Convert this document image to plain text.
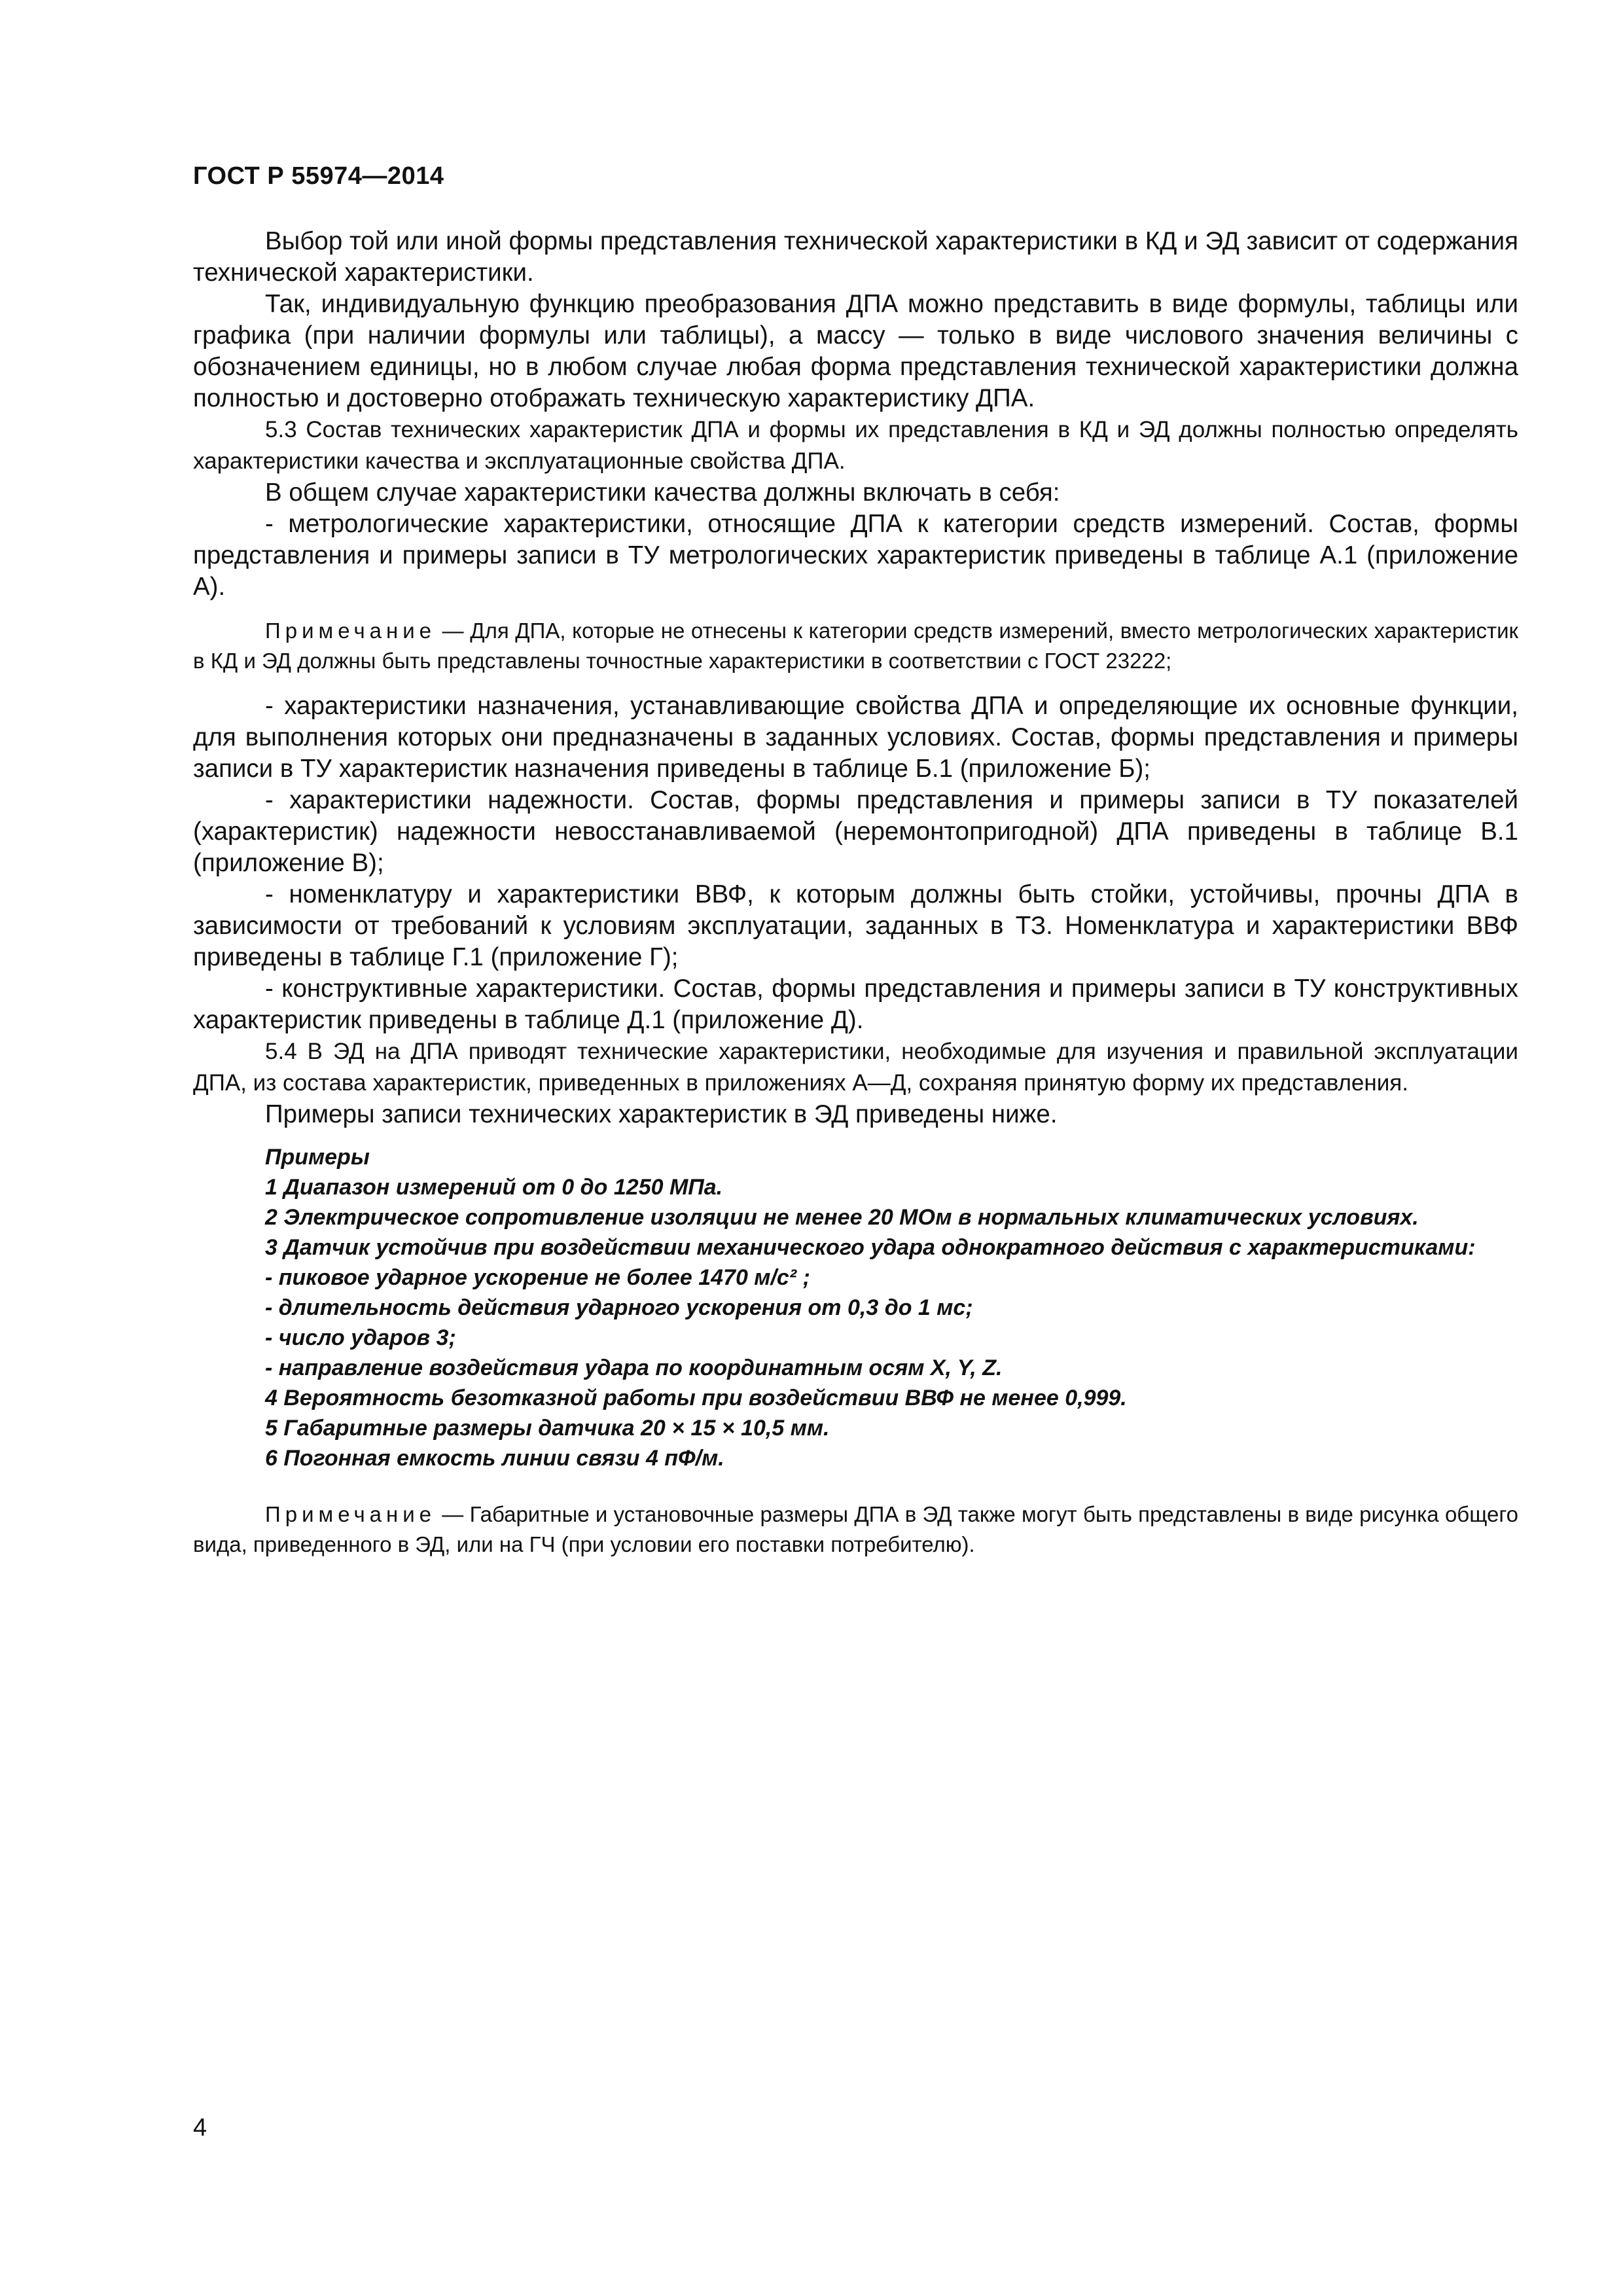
ГОСТ Р 55974—2014

Выбор той или иной формы представления технической характеристики в КД и ЭД зависит от содержания технической характеристики.

Так, индивидуальную функцию преобразования ДПА можно представить в виде формулы, таблицы или графика (при наличии формулы или таблицы), а массу — только в виде числового значения величины с обозначением единицы, но в любом случае любая форма представления технической характеристики должна полностью и достоверно отображать техническую характеристику ДПА.

5.3 Состав технических характеристик ДПА и формы их представления в КД и ЭД должны полностью определять характеристики качества и эксплуатационные свойства ДПА.

В общем случае характеристики качества должны включать в себя:

- метрологические характеристики, относящие ДПА к категории средств измерений. Состав, формы представления и примеры записи в ТУ метрологических характеристик приведены в таблице А.1 (приложение А).

Примечание — Для ДПА, которые не отнесены к категории средств измерений, вместо метрологических характеристик в КД и ЭД должны быть представлены точностные характеристики в соответствии с ГОСТ 23222;

- характеристики назначения, устанавливающие свойства ДПА и определяющие их основные функции, для выполнения которых они предназначены в заданных условиях. Состав, формы представления и примеры записи в ТУ характеристик назначения приведены в таблице Б.1 (приложение Б);

- характеристики надежности. Состав, формы представления и примеры записи в ТУ показателей (характеристик) надежности невосстанавливаемой (неремонтопригодной) ДПА приведены в таблице В.1 (приложение В);

- номенклатуру и характеристики ВВФ, к которым должны быть стойки, устойчивы, прочны ДПА в зависимости от требований к условиям эксплуатации, заданных в ТЗ. Номенклатура и характеристики ВВФ приведены в таблице Г.1 (приложение Г);

- конструктивные характеристики. Состав, формы представления и примеры записи в ТУ конструктивных характеристик приведены в таблице Д.1 (приложение Д).

5.4 В ЭД на ДПА приводят технические характеристики, необходимые для изучения и правильной эксплуатации ДПА, из состава характеристик, приведенных в приложениях А—Д, сохраняя принятую форму их представления.

Примеры записи технических характеристик в ЭД приведены ниже.

Примеры

1 Диапазон измерений от 0 до 1250 МПа.

2 Электрическое сопротивление изоляции не менее 20 МОм в нормальных климатических условиях.

3 Датчик устойчив при воздействии механического удара однократного действия с характеристиками:

- пиковое ударное ускорение не более 1470 м/с² ;

- длительность действия ударного ускорения от 0,3 до 1 мс;

- число ударов 3;

- направление воздействия удара по координатным осям X, Y, Z.

4 Вероятность безотказной работы при воздействии ВВФ не менее 0,999.

5 Габаритные размеры датчика 20 × 15 × 10,5 мм.

6 Погонная емкость линии связи 4 пФ/м.

Примечание — Габаритные и установочные размеры ДПА в ЭД также могут быть представлены в виде рисунка общего вида, приведенного в ЭД, или на ГЧ (при условии его поставки потребителю).

4
